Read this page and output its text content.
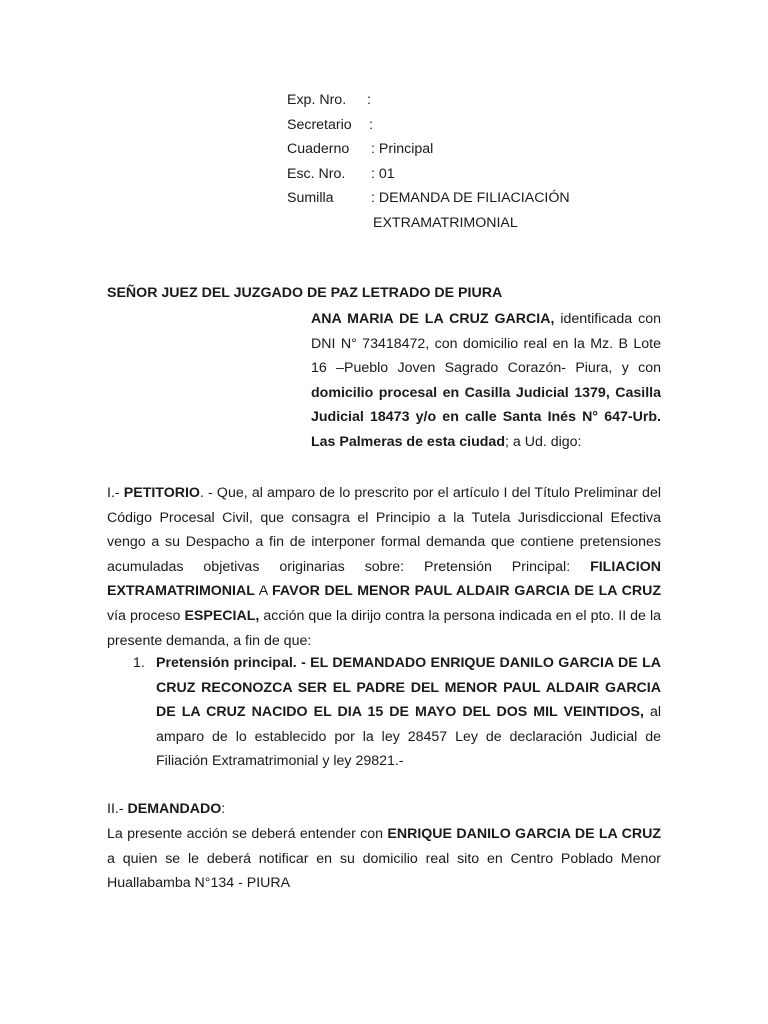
Exp. Nro. :
Secretario :
Cuaderno : Principal
Esc. Nro. : 01
Sumilla	: DEMANDA DE FILIACIACIÓN
EXTRAMATRIMONIAL
SEÑOR JUEZ DEL JUZGADO DE PAZ LETRADO DE PIURA
ANA MARIA DE LA CRUZ GARCIA, identificada con DNI N° 73418472, con domicilio real en la Mz. B Lote 16 –Pueblo Joven Sagrado Corazón- Piura, y con domicilio procesal en Casilla Judicial 1379, Casilla Judicial 18473 y/o en calle Santa Inés N° 647-Urb. Las Palmeras de esta ciudad; a Ud. digo:
I.- PETITORIO. - Que, al amparo de lo prescrito por el artículo I del Título Preliminar del Código Procesal Civil, que consagra el Principio a la Tutela Jurisdiccional Efectiva vengo a su Despacho a fin de interponer formal demanda que contiene pretensiones acumuladas objetivas originarias sobre: Pretensión Principal: FILIACION EXTRAMATRIMONIAL A FAVOR DEL MENOR PAUL ALDAIR GARCIA DE LA CRUZ vía proceso ESPECIAL, acción que la dirijo contra la persona indicada en el pto. II de la presente demanda, a fin de que:
1. Pretensión principal. - EL DEMANDADO ENRIQUE DANILO GARCIA DE LA CRUZ RECONOZCA SER EL PADRE DEL MENOR PAUL ALDAIR GARCIA DE LA CRUZ NACIDO EL DIA 15 DE MAYO DEL DOS MIL VEINTIDOS, al amparo de lo establecido por la ley 28457 Ley de declaración Judicial de Filiación Extramatrimonial y ley 29821.-
II.- DEMANDADO:
La presente acción se deberá entender con ENRIQUE DANILO GARCIA DE LA CRUZ a quien se le deberá notificar en su domicilio real sito en Centro Poblado Menor Huallabamba N°134 - PIURA
